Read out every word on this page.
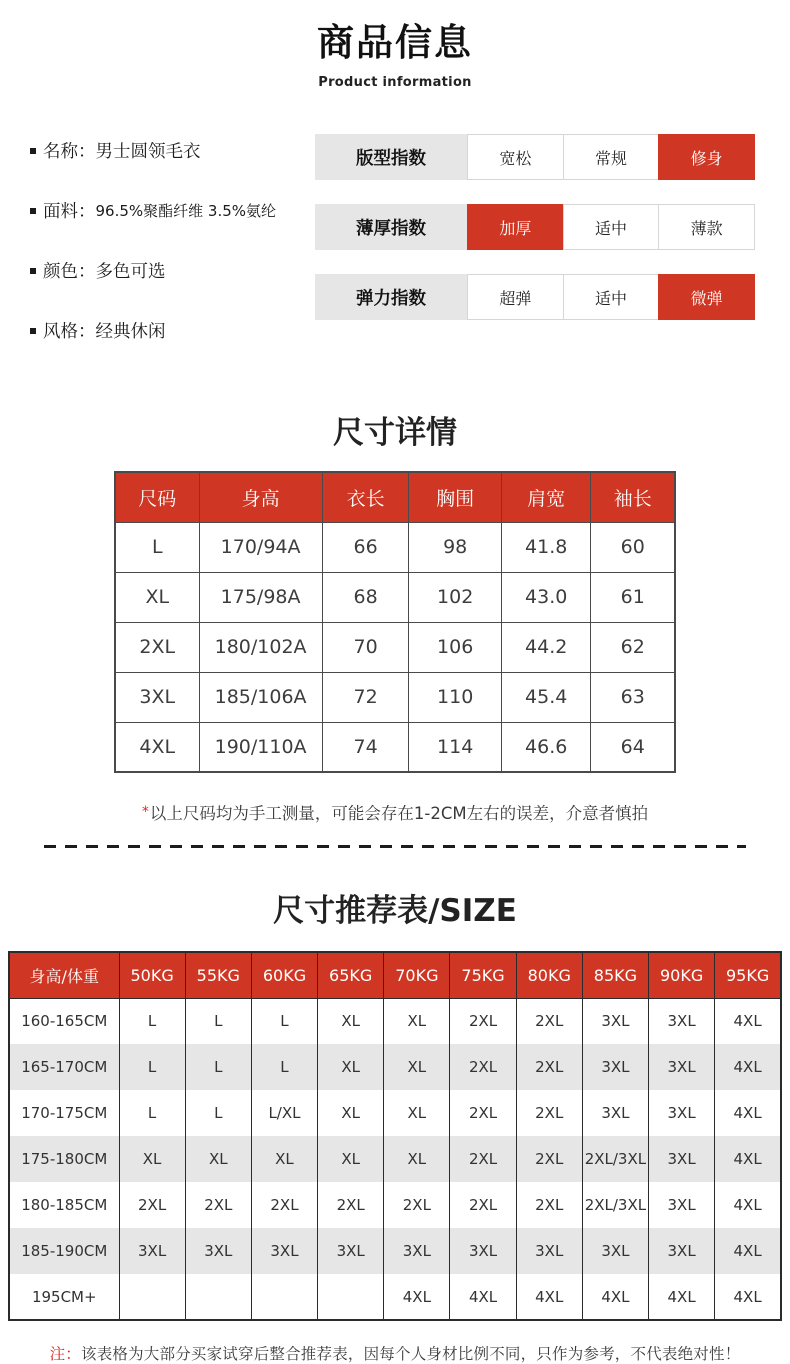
商品信息
Product information
名称： 男士圆领毛衣
面料： 96.5%聚酯纤维 3.5%氨纶
颜色： 多色可选
风格： 经典休闲
版型指数	宽松	常规	修身
薄厚指数	加厚	适中	薄款
弹力指数	超弹	适中	微弹
尺寸详情
尺码	身高	衣长	胸围	肩宽	袖长
L	170/94A	66	98	41.8	60
XL	175/98A	68	102	43.0	61
2XL	180/102A	70	106	44.2	62
3XL	185/106A	72	110	45.4	63
4XL	190/110A	74	114	46.6	64
*以上尺码均为手工测量，可能会存在1-2CM左右的误差，介意者慎拍
尺寸推荐表/SIZE
身高/体重	50KG	55KG	60KG	65KG	70KG	75KG	80KG	85KG	90KG	95KG
160-165CM	L	L	L	XL	XL	2XL	2XL	3XL	3XL	4XL
165-170CM	L	L	L	XL	XL	2XL	2XL	3XL	3XL	4XL
170-175CM	L	L	L/XL	XL	XL	2XL	2XL	3XL	3XL	4XL
175-180CM	XL	XL	XL	XL	XL	2XL	2XL	2XL/3XL	3XL	4XL
180-185CM	2XL	2XL	2XL	2XL	2XL	2XL	2XL	2XL/3XL	3XL	4XL
185-190CM	3XL	3XL	3XL	3XL	3XL	3XL	3XL	3XL	3XL	4XL
195CM+					4XL	4XL	4XL	4XL	4XL	4XL
注：该表格为大部分买家试穿后整合推荐表，因每个人身材比例不同，只作为参考，不代表绝对性！
